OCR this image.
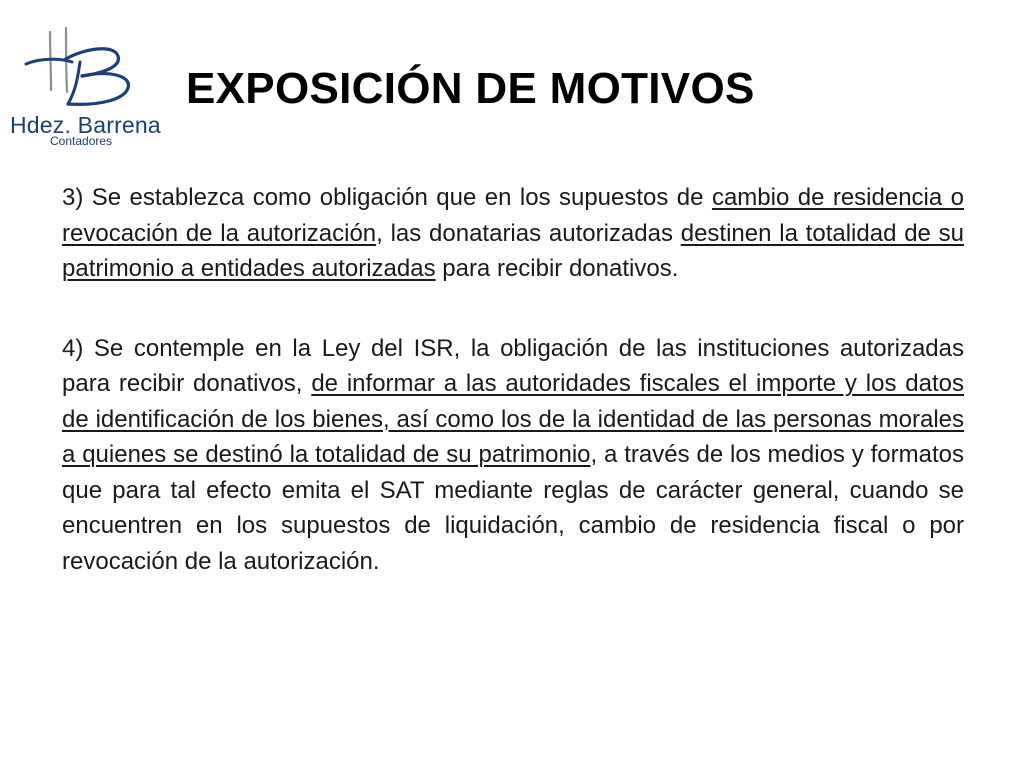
Hdez. Barrena
Contadores
EXPOSICIÓN DE MOTIVOS

3) Se establezca como obligación que en los supuestos de cambio de residencia o revocación de la autorización, las donatarias autorizadas destinen la totalidad de su patrimonio a entidades autorizadas para recibir donativos.

4) Se contemple en la Ley del ISR, la obligación de las instituciones autorizadas para recibir donativos, de informar a las autoridades fiscales el importe y los datos de identificación de los bienes, así como los de la identidad de las personas morales a quienes se destinó la totalidad de su patrimonio, a través de los medios y formatos que para tal efecto emita el SAT mediante reglas de carácter general, cuando se encuentren en los supuestos de liquidación, cambio de residencia fiscal o por revocación de la autorización.
